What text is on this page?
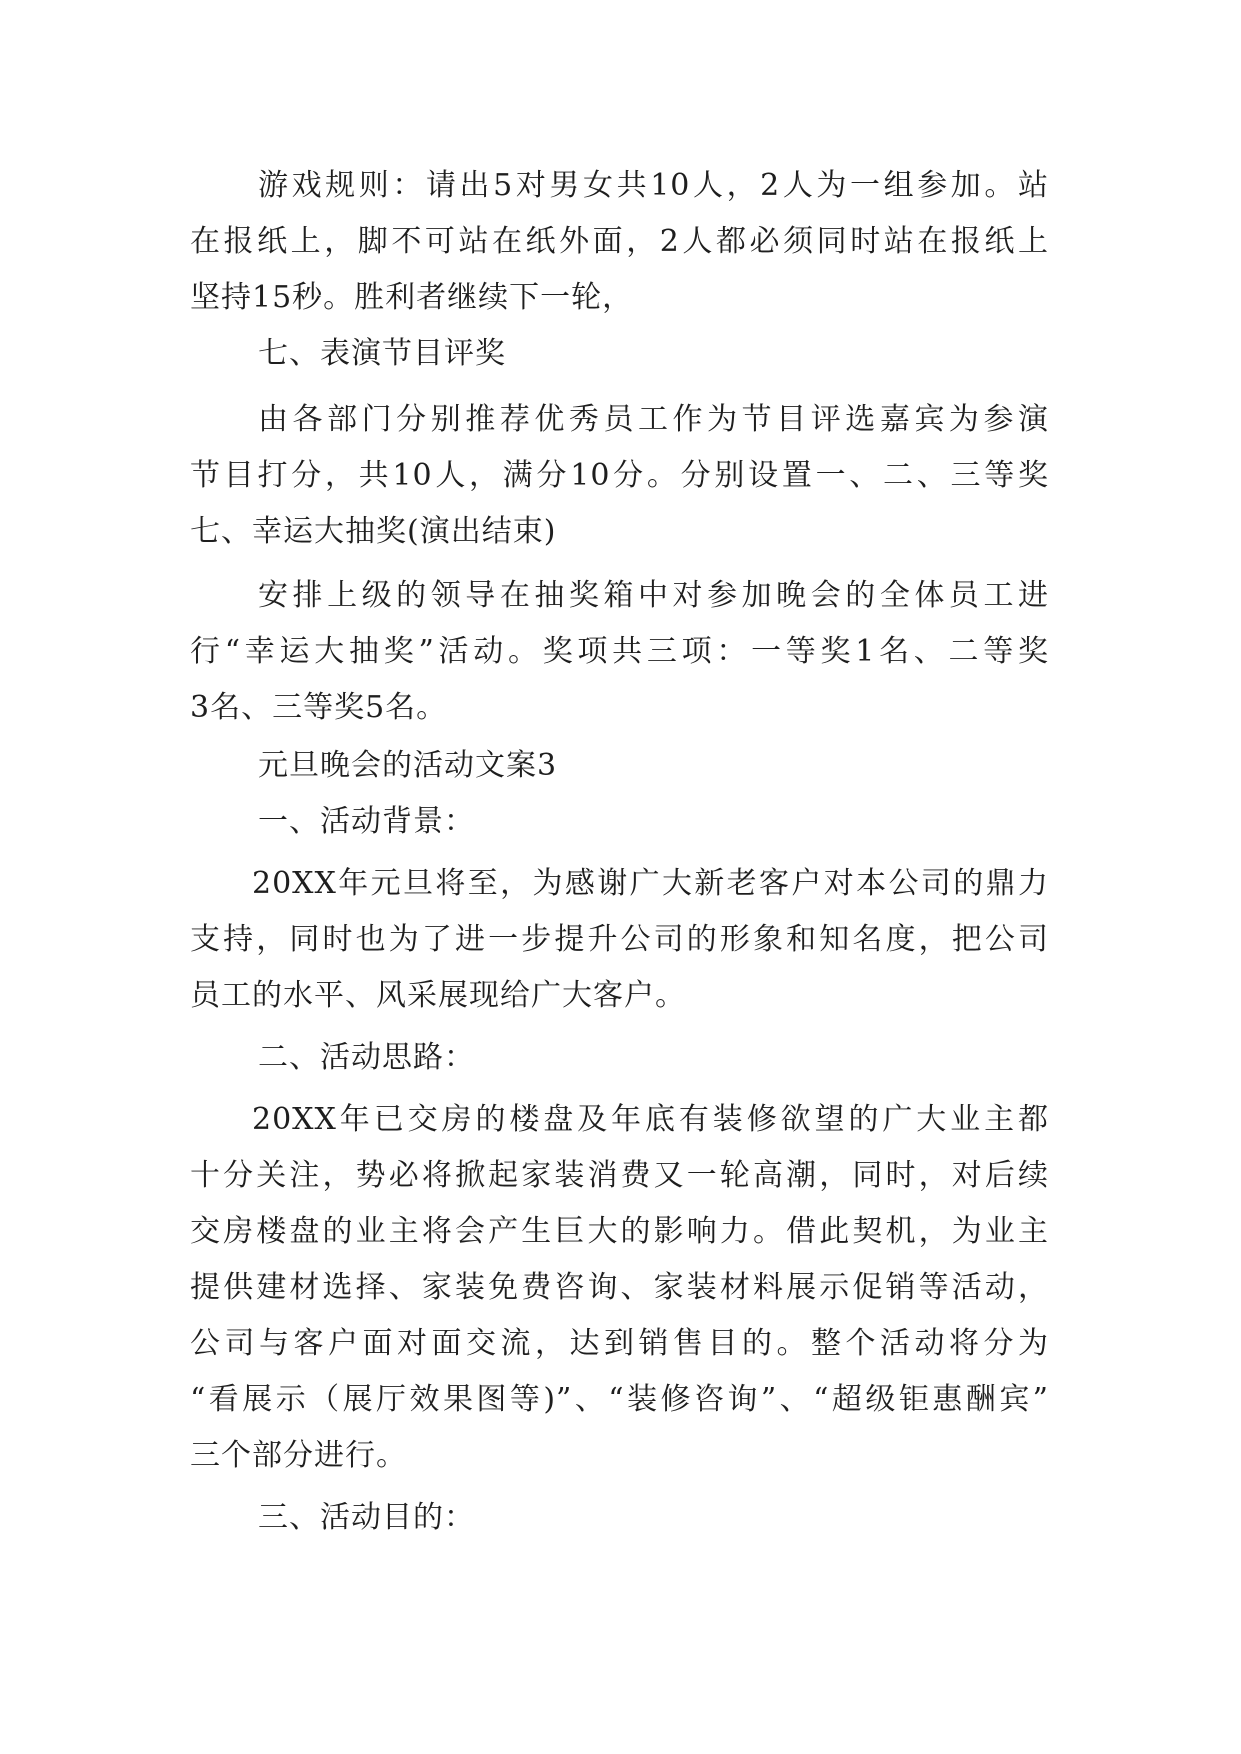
游戏规则：请出5对男女共10人，2人为一组参加。站

在报纸上，脚不可站在纸外面，2人都必须同时站在报纸上

坚持15秒。胜利者继续下一轮，

七、表演节目评奖

由各部门分别推荐优秀员工作为节目评选嘉宾为参演

节目打分，共10人，满分10分。分别设置一、二、三等奖

七、幸运大抽奖(演出结束)

安排上级的领导在抽奖箱中对参加晚会的全体员工进

行“幸运大抽奖”活动。奖项共三项：一等奖1名、二等奖

3名、三等奖5名。

元旦晚会的活动文案3

一、活动背景：

20XX年元旦将至，为感谢广大新老客户对本公司的鼎力

支持，同时也为了进一步提升公司的形象和知名度，把公司

员工的水平、风采展现给广大客户。

二、活动思路：

20XX年已交房的楼盘及年底有装修欲望的广大业主都

十分关注，势必将掀起家装消费又一轮高潮，同时，对后续

交房楼盘的业主将会产生巨大的影响力。借此契机，为业主

提供建材选择、家装免费咨询、家装材料展示促销等活动，

公司与客户面对面交流，达到销售目的。整个活动将分为

“看展示（展厅效果图等)”、“装修咨询”、“超级钜惠酬宾”

三个部分进行。

三、活动目的：
